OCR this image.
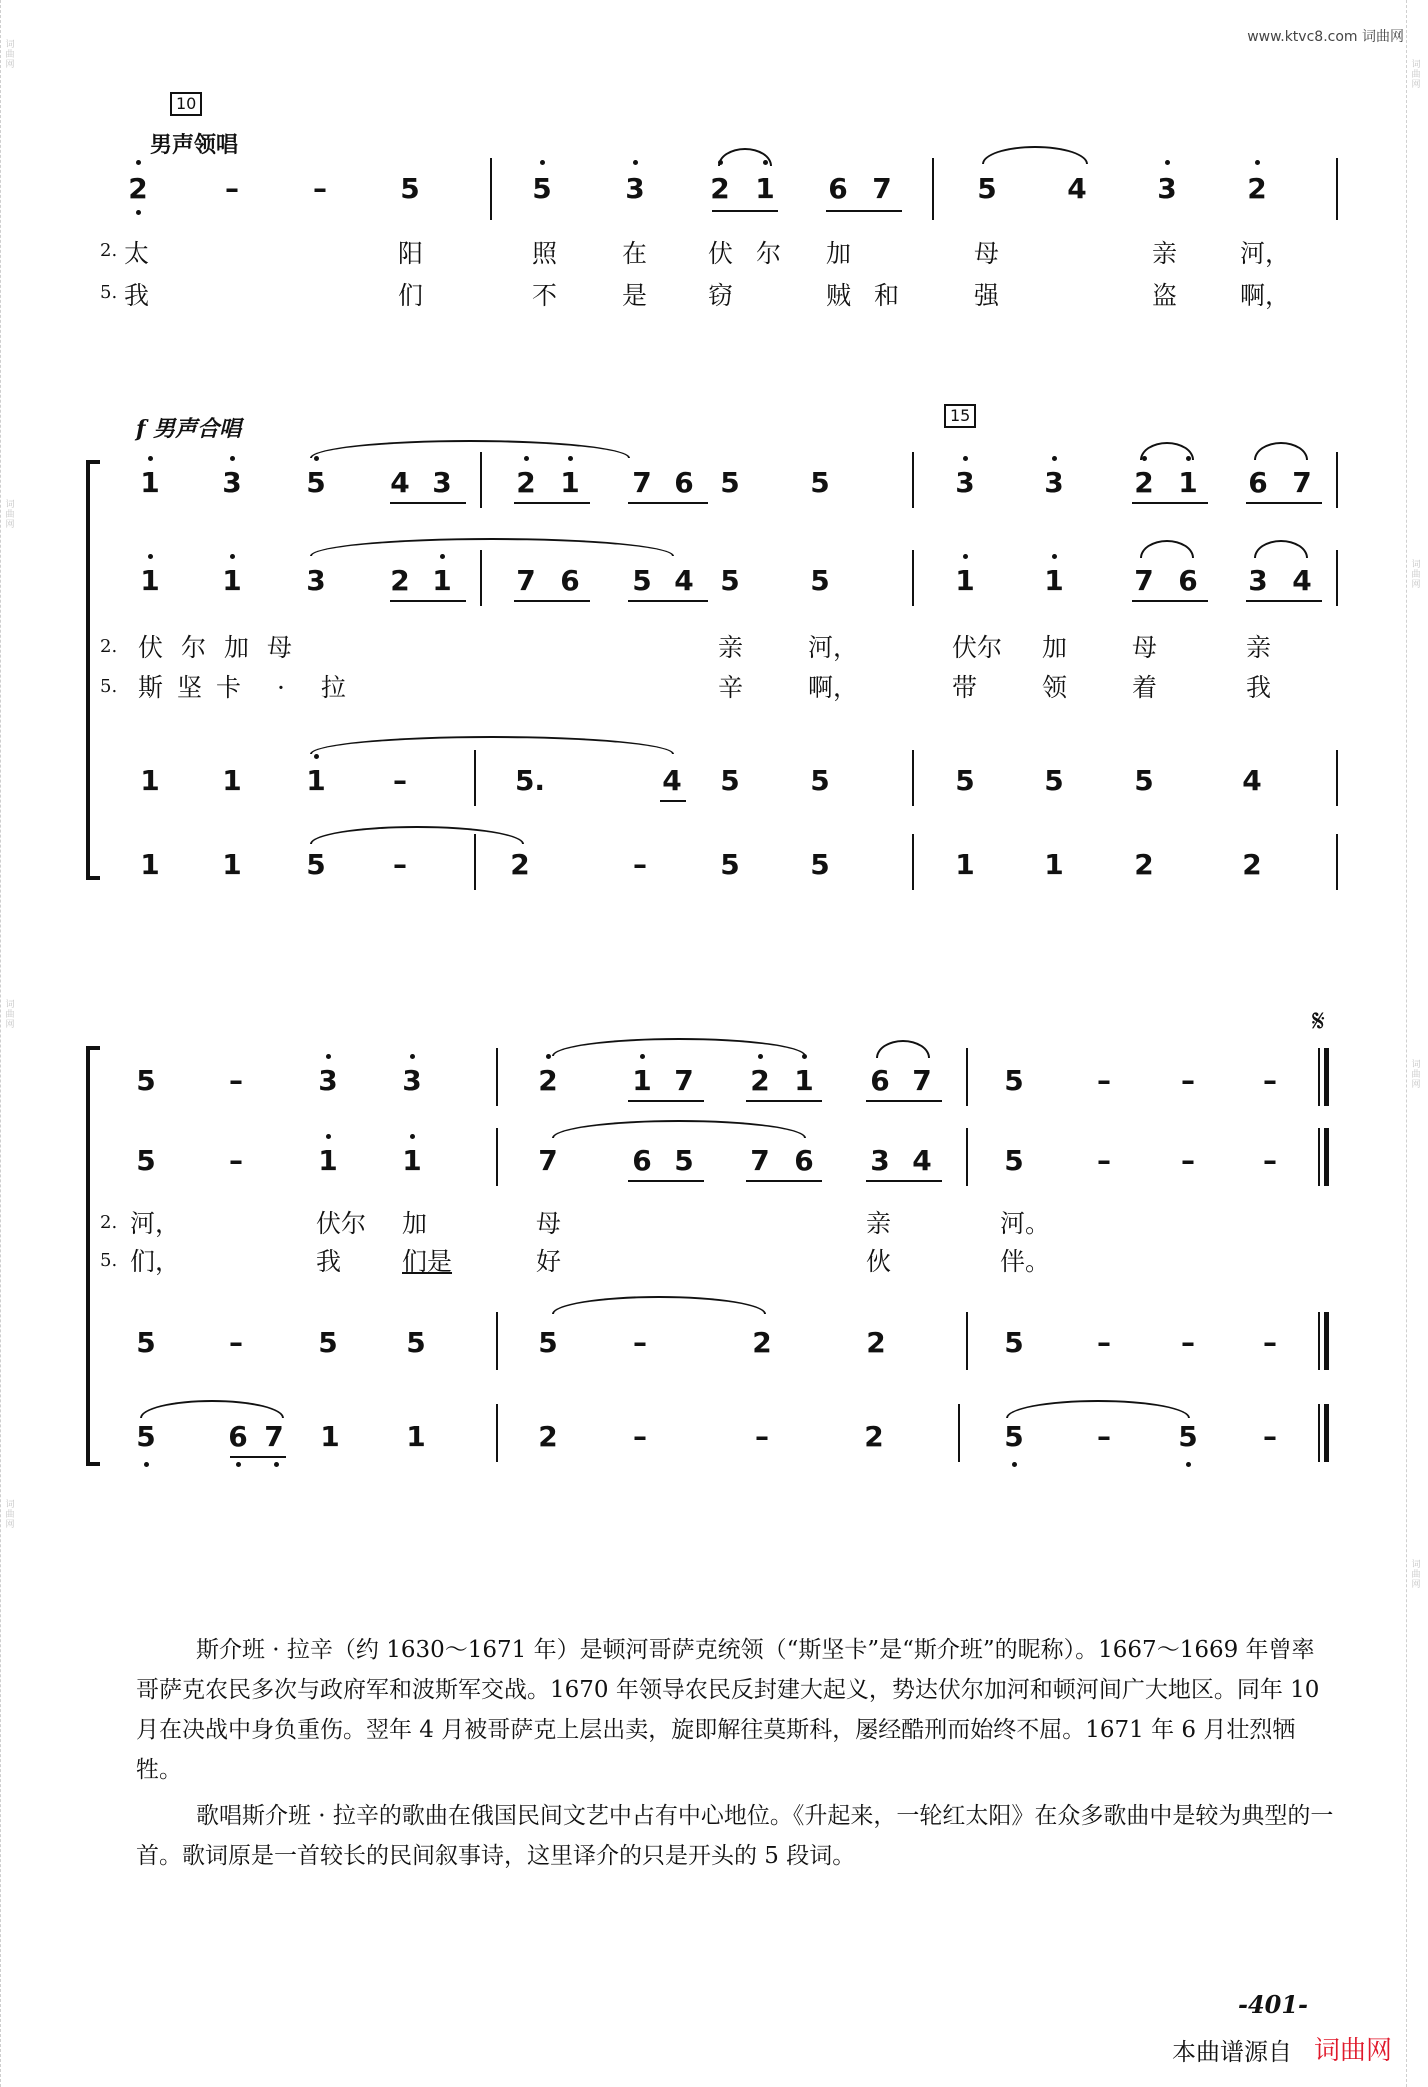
词
曲
网
词
曲
网
词
曲
网
词
曲
网
词
曲
网
词
曲
网
词
曲
网
词
曲
网
www.ktvc8.com 词曲网
10
男声领唱
2	–	–	5	5	3	2 1	6 7	5	4	3	2
2. 太	阳	照	在 伏 尔 加	母	亲	河，
5. 我	们	不	是 窃	贼 和	强	盗	啊，
f 男声合唱
15
1	3	5	4 3	2 1	7 6 5	5	3	3	2 1	6 7
1	1	3	2 1	7 6	5 4 5	5	1	1	7 6	3 4
2. 伏尔加母	亲	河，	伏尔 加	母	亲
5. 斯坚卡 · 拉	辛	啊，	带	领	着	我
1	1	1	–	5.	4	5	5	5	5	5	4
1	1	5	–	2	–	5	5	1	1	2	2
𝄋
5	–	3	3	2	1 7	2 1	6 7	5	–	–	–
5	–	1	1	7	6 5	7 6	3 4	5	–	–	–
2. 河，	伏尔 加	母	亲	河。
5. 们，	我 们是	好	伙	伴。
5	–	5	5	5	–	2	2	5	–	–	–
5	6 7	1	1	2	–	–	2	5	–	5	–
斯介班 · 拉辛（约 1630～1671 年）是顿河哥萨克统领（“斯坚卡”是“斯介班”的昵称）。1667～1669 年曾率哥萨克农民多次与政府军和波斯军交战。1670 年领导农民反封建大起义，势达伏尔加河和顿河间广大地区。同年 10 月在决战中身负重伤。翌年 4 月被哥萨克上层出卖，旋即解往莫斯科，屡经酷刑而始终不屈。1671 年 6 月壮烈牺牲。
歌唱斯介班 · 拉辛的歌曲在俄国民间文艺中占有中心地位。《升起来，一轮红太阳》在众多歌曲中是较为典型的一首。歌词原是一首较长的民间叙事诗，这里译介的只是开头的 5 段词。
-401-
本曲谱源自 词曲网
